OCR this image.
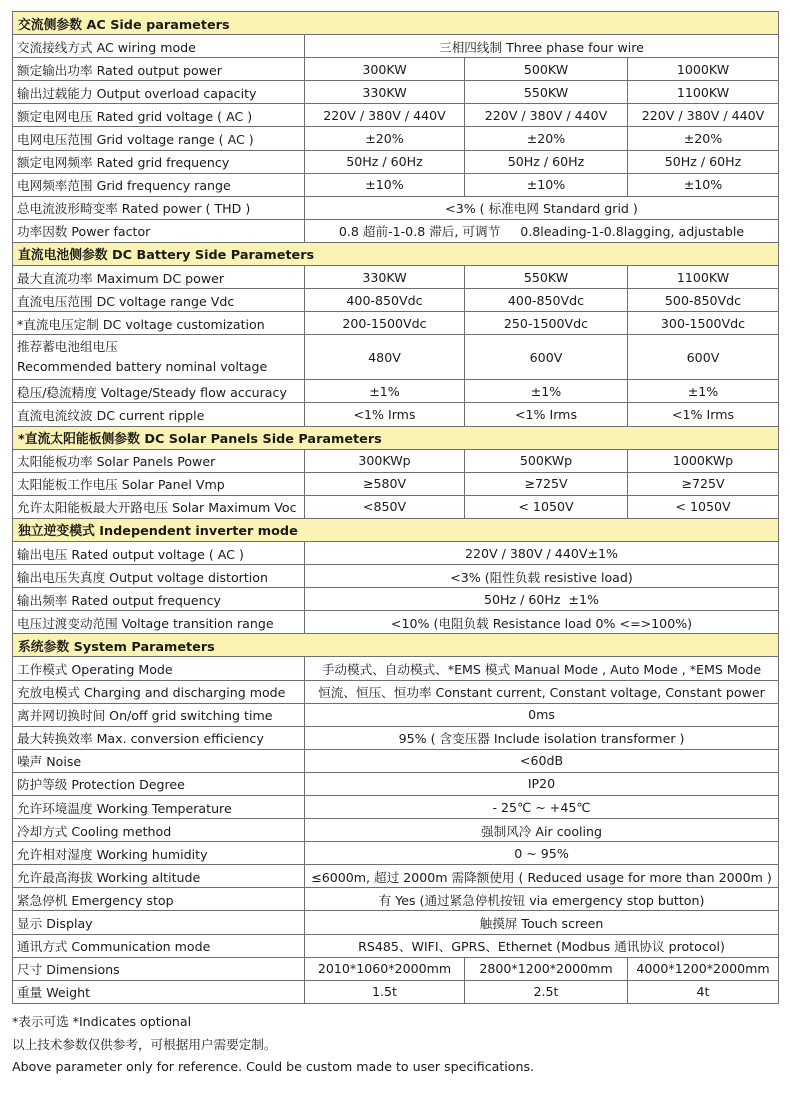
交流侧参数 AC Side parameters			
交流接线方式 AC wiring mode	三相四线制 Three phase four wire		
额定输出功率 Rated output power	300KW	500KW	1000KW
输出过载能力 Output overload capacity	330KW	550KW	1100KW
额定电网电压 Rated grid voltage ( AC )	220V / 380V / 440V	220V / 380V / 440V	220V / 380V / 440V
电网电压范围 Grid voltage range ( AC )	±20%	±20%	±20%
额定电网频率 Rated grid frequency	50Hz / 60Hz	50Hz / 60Hz	50Hz / 60Hz
电网频率范围 Grid frequency range	±10%	±10%	±10%
总电流波形畸变率 Rated power ( THD )	<3% ( 标准电网 Standard grid )		
功率因数 Power factor	0.8 超前-1-0.8 滞后, 可调节     0.8leading-1-0.8lagging, adjustable		
直流电池侧参数 DC Battery Side Parameters			
最大直流功率 Maximum DC power	330KW	550KW	1100KW
直流电压范围 DC voltage range Vdc	400-850Vdc	400-850Vdc	500-850Vdc
*直流电压定制 DC voltage customization	200-1500Vdc	250-1500Vdc	300-1500Vdc

推荐蓄电池组电压
Recommended battery nominal voltage	480V	600V	600V
稳压/稳流精度 Voltage/Steady flow accuracy	±1%	±1%	±1%
直流电流纹波 DC current ripple	<1% Irms	<1% Irms	<1% Irms
*直流太阳能板侧参数 DC Solar Panels Side Parameters			
太阳能板功率 Solar Panels Power	300KWp	500KWp	1000KWp
太阳能板工作电压 Solar Panel Vmp	≥580V	≥725V	≥725V
允许太阳能板最大开路电压 Solar Maximum Voc	<850V	< 1050V	< 1050V
独立逆变模式 Independent inverter mode			
输出电压 Rated output voltage ( AC )	220V / 380V / 440V±1%		
输出电压失真度 Output voltage distortion	<3% (阻性负载 resistive load)		
输出频率 Rated output frequency	50Hz / 60Hz  ±1%		
电压过渡变动范围 Voltage transition range	<10% (电阻负载 Resistance load 0% <=>100%)		
系统参数 System Parameters			
工作模式 Operating Mode	手动模式、自动模式、*EMS 模式 Manual Mode , Auto Mode , *EMS Mode		
充放电模式 Charging and discharging mode	恒流、恒压、恒功率 Constant current, Constant voltage, Constant power		
离并网切换时间 On/off grid switching time	0ms		
最大转换效率 Max. conversion efficiency	95% ( 含变压器 Include isolation transformer )		
噪声 Noise	<60dB		
防护等级 Protection Degree	IP20		
允许环境温度 Working Temperature	- 25℃ ~ +45℃		
冷却方式 Cooling method	强制风冷 Air cooling		
允许相对湿度 Working humidity	0 ~ 95%		
允许最高海拔 Working altitude	≤6000m, 超过 2000m 需降额使用 ( Reduced usage for more than 2000m )		
紧急停机 Emergency stop	有 Yes (通过紧急停机按钮 via emergency stop button)		
显示 Display	触摸屏 Touch screen		
通讯方式 Communication mode	RS485、WIFI、GPRS、Ethernet (Modbus 通讯协议 protocol)		
尺寸 Dimensions	2010*1060*2000mm	2800*1200*2000mm	4000*1200*2000mm
重量 Weight	1.5t	2.5t	4t
*表示可选 *Indicates optional
以上技术参数仅供参考，可根据用户需要定制。
Above parameter only for reference. Could be custom made to user specifications.
